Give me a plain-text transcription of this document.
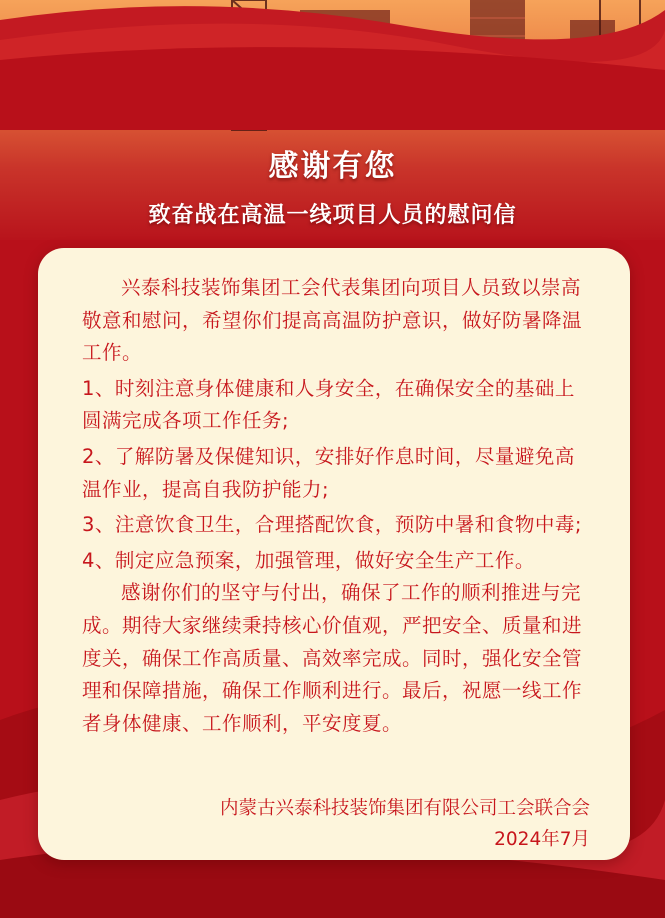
感谢有您
致奋战在高温一线项目人员的慰问信

兴泰科技装饰集团工会代表集团向项目人员致以崇高敬意和慰问，希望你们提高高温防护意识，做好防暑降温工作。

1、时刻注意身体健康和人身安全，在确保安全的基础上圆满完成各项工作任务;

2、了解防暑及保健知识，安排好作息时间，尽量避免高温作业，提高自我防护能力;

3、注意饮食卫生，合理搭配饮食，预防中暑和食物中毒;

4、制定应急预案，加强管理，做好安全生产工作。

感谢你们的坚守与付出，确保了工作的顺利推进与完成。期待大家继续秉持核心价值观，严把安全、质量和进度关，确保工作高质量、高效率完成。同时，强化安全管理和保障措施，确保工作顺利进行。最后，祝愿一线工作者身体健康、工作顺利，平安度夏。

内蒙古兴泰科技装饰集团有限公司工会联合会
2024年7月
